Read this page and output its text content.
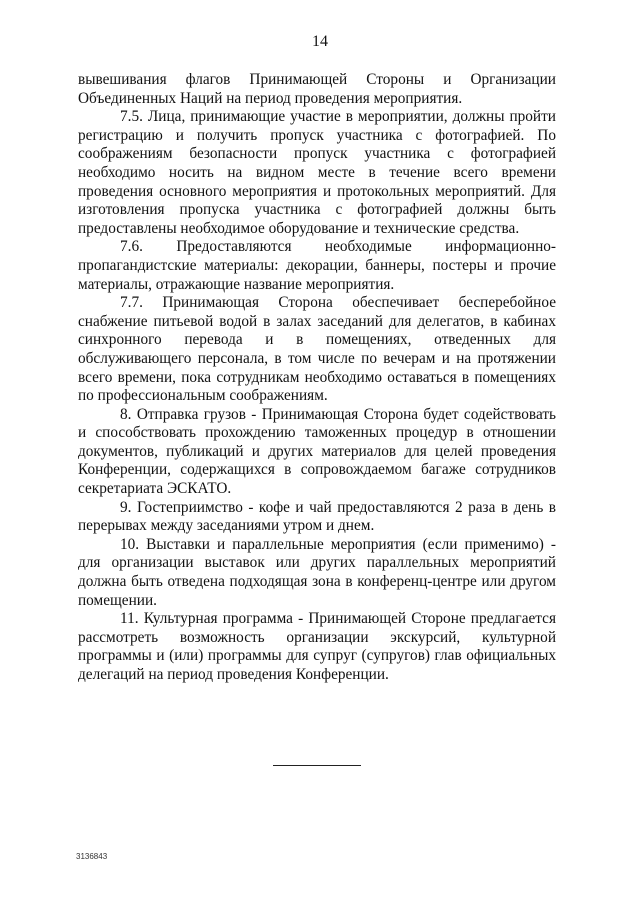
14

вывешивания флагов Принимающей Стороны и Организации Объединенных Наций на период проведения мероприятия.

7.5. Лица, принимающие участие в мероприятии, должны пройти регистрацию и получить пропуск участника с фотографией. По соображениям безопасности пропуск участника с фотографией необходимо носить на видном месте в течение всего времени проведения основного мероприятия и протокольных мероприятий. Для изготовления пропуска участника с фотографией должны быть предоставлены необходимое оборудование и технические средства.

7.6. Предоставляются необходимые информационно-пропагандистские материалы: декорации, баннеры, постеры и прочие материалы, отражающие название мероприятия.

7.7. Принимающая Сторона обеспечивает бесперебойное снабжение питьевой водой в залах заседаний для делегатов, в кабинах синхронного перевода и в помещениях, отведенных для обслуживающего персонала, в том числе по вечерам и на протяжении всего времени, пока сотрудникам необходимо оставаться в помещениях по профессиональным соображениям.

8. Отправка грузов - Принимающая Сторона будет содействовать и способствовать прохождению таможенных процедур в отношении документов, публикаций и других материалов для целей проведения Конференции, содержащихся в сопровождаемом багаже сотрудников секретариата ЭСКАТО.

9. Гостеприимство - кофе и чай предоставляются 2 раза в день в перерывах между заседаниями утром и днем.

10. Выставки и параллельные мероприятия (если применимо) - для организации выставок или других параллельных мероприятий должна быть отведена подходящая зона в конференц-центре или другом помещении.

11. Культурная программа - Принимающей Стороне предлагается рассмотреть возможность организации экскурсий, культурной программы и (или) программы для супруг (супругов) глав официальных делегаций на период проведения Конференции.

3136843
